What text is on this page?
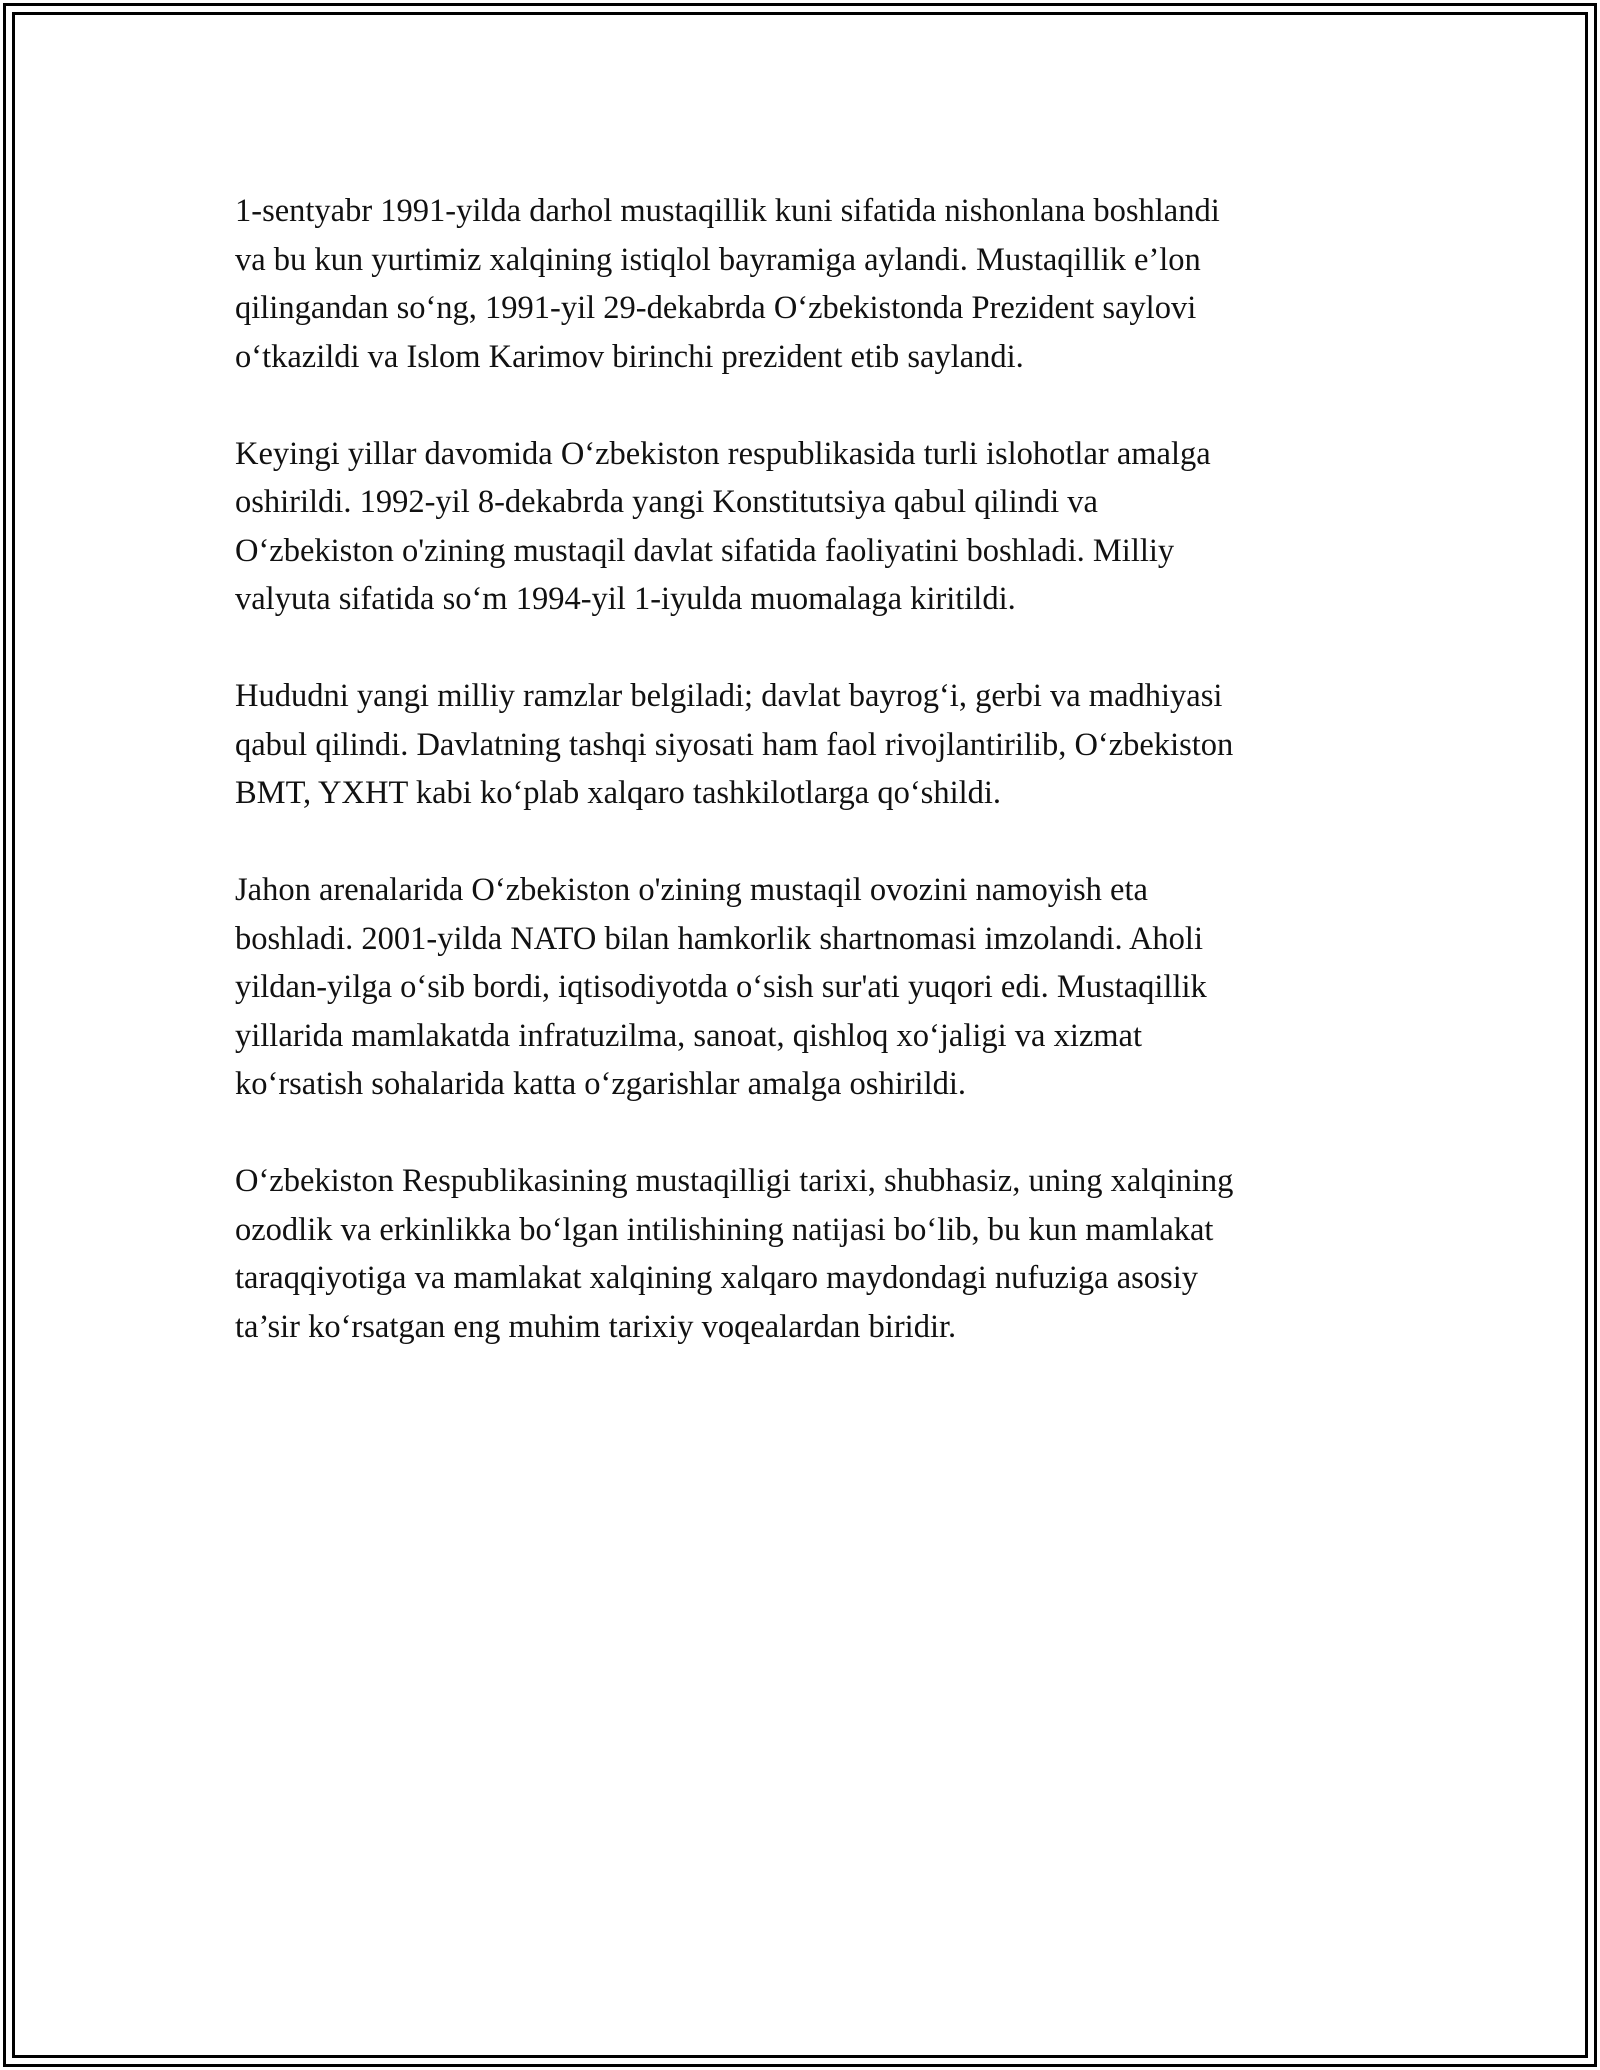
1-sentyabr 1991-yilda darhol mustaqillik kuni sifatida nishonlana boshlandi
va bu kun yurtimiz xalqining istiqlol bayramiga aylandi. Mustaqillik e’lon
qilingandan so‘ng, 1991-yil 29-dekabrda O‘zbekistonda Prezident saylovi
o‘tkazildi va Islom Karimov birinchi prezident etib saylandi.

Keyingi yillar davomida O‘zbekiston respublikasida turli islohotlar amalga
oshirildi. 1992-yil 8-dekabrda yangi Konstitutsiya qabul qilindi va
O‘zbekiston o'zining mustaqil davlat sifatida faoliyatini boshladi. Milliy
valyuta sifatida so‘m 1994-yil 1-iyulda muomalaga kiritildi.

Hududni yangi milliy ramzlar belgiladi; davlat bayrog‘i, gerbi va madhiyasi
qabul qilindi. Davlatning tashqi siyosati ham faol rivojlantirilib, O‘zbekiston
BMT, YXHT kabi ko‘plab xalqaro tashkilotlarga qo‘shildi.

Jahon arenalarida O‘zbekiston o'zining mustaqil ovozini namoyish eta
boshladi. 2001-yilda NATO bilan hamkorlik shartnomasi imzolandi. Aholi
yildan-yilga o‘sib bordi, iqtisodiyotda o‘sish sur'ati yuqori edi. Mustaqillik
yillarida mamlakatda infratuzilma, sanoat, qishloq xo‘jaligi va xizmat
ko‘rsatish sohalarida katta o‘zgarishlar amalga oshirildi.

O‘zbekiston Respublikasining mustaqilligi tarixi, shubhasiz, uning xalqining
ozodlik va erkinlikka bo‘lgan intilishining natijasi bo‘lib, bu kun mamlakat
taraqqiyotiga va mamlakat xalqining xalqaro maydondagi nufuziga asosiy
ta’sir ko‘rsatgan eng muhim tarixiy voqealardan biridir.
